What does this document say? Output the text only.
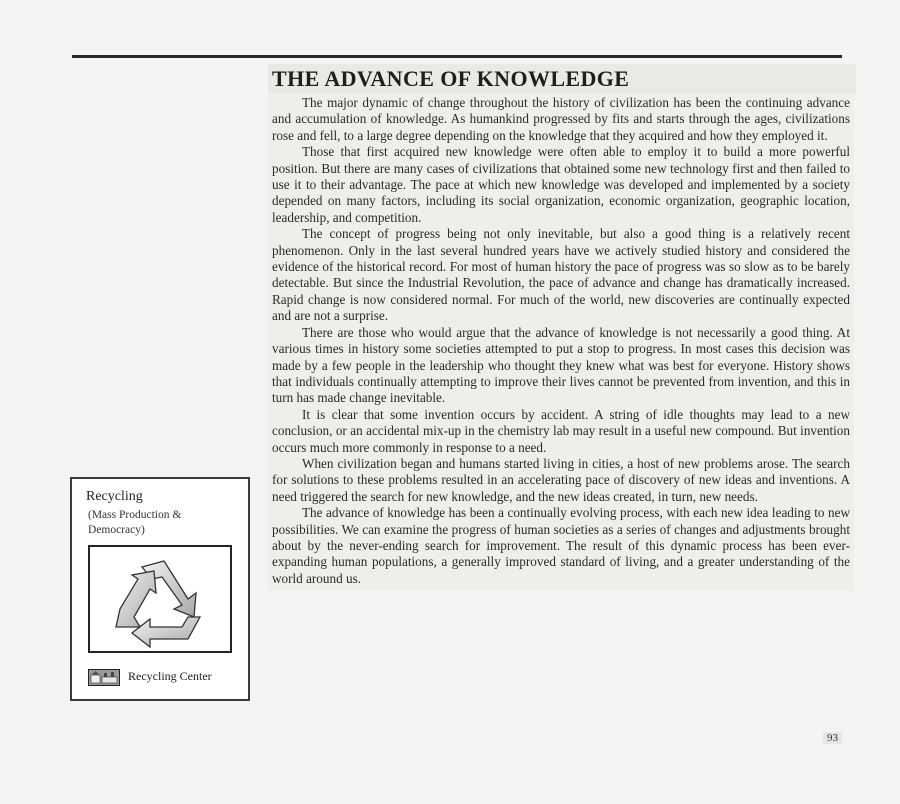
THE ADVANCE OF KNOWLEDGE

The major dynamic of change throughout the history of civilization has been the continuing advance and accumulation of knowledge. As humankind progressed by fits and starts through the ages, civilizations rose and fell, to a large degree depending on the knowledge that they acquired and how they employed it.

Those that first acquired new knowledge were often able to employ it to build a more powerful position. But there are many cases of civilizations that obtained some new technology first and then failed to use it to their advantage. The pace at which new knowledge was developed and implemented by a society depended on many factors, including its social organization, economic organization, geographic location, leadership, and competition.

The concept of progress being not only inevitable, but also a good thing is a relatively recent phenomenon. Only in the last several hundred years have we actively studied history and considered the evidence of the historical record. For most of human history the pace of progress was so slow as to be barely detectable. But since the Industrial Revolution, the pace of advance and change has dramatically increased. Rapid change is now considered normal. For much of the world, new discoveries are continually expected and are not a surprise.

There are those who would argue that the advance of knowledge is not necessarily a good thing. At various times in history some societies attempted to put a stop to progress. In most cases this decision was made by a few people in the leadership who thought they knew what was best for everyone. History shows that individuals continually attempting to improve their lives cannot be prevented from invention, and this in turn has made change inevitable.

It is clear that some invention occurs by accident. A string of idle thoughts may lead to a new conclusion, or an accidental mix-up in the chemistry lab may result in a useful new compound. But invention occurs much more commonly in response to a need.

When civilization began and humans started living in cities, a host of new problems arose. The search for solutions to these problems resulted in an accelerating pace of discovery of new ideas and inventions. A need triggered the search for new knowledge, and the new ideas created, in turn, new needs.

The advance of knowledge has been a continually evolving process, with each new idea leading to new possibilities. We can examine the progress of human societies as a series of changes and adjustments brought about by the never-ending search for improvement. The result of this dynamic process has been ever-expanding human populations, a generally improved standard of living, and a greater understanding of the world around us.

Recycling
(Mass Production &
Democracy)
Recycling Center
93
